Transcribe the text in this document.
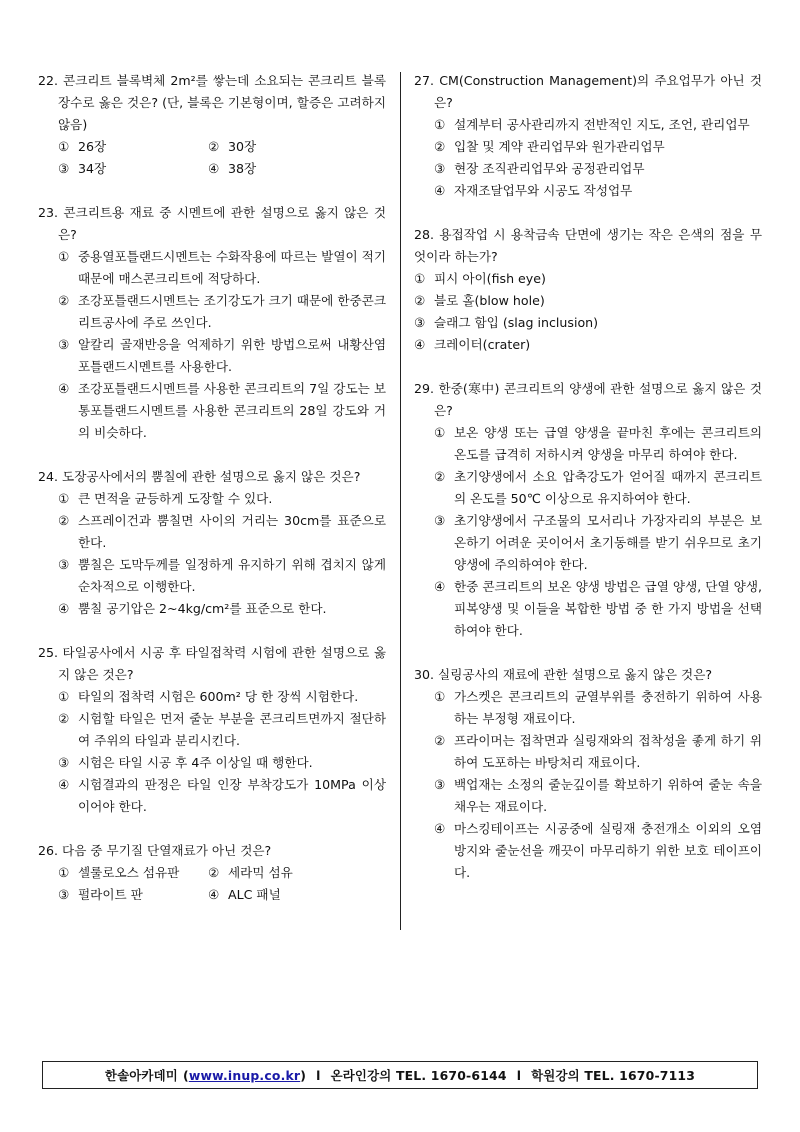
22. 콘크리트 블록벽체 2m²를 쌓는데 소요되는 콘크리트 블록 장수로 옳은 것은? (단, 블록은 기본형이며, 할증은 고려하지 않음)
① 26장	② 30장
③ 34장	④ 38장
23. 콘크리트용 재료 중 시멘트에 관한 설명으로 옳지 않은 것은?
① 중용열포틀랜드시멘트는 수화작용에 따르는 발열이 적기 때문에 매스콘크리트에 적당하다.
② 조강포틀랜드시멘트는 조기강도가 크기 때문에 한중콘크리트공사에 주로 쓰인다.
③ 알칼리 골재반응을 억제하기 위한 방법으로써 내황산염포틀랜드시멘트를 사용한다.
④ 조강포틀랜드시멘트를 사용한 콘크리트의 7일 강도는 보통포틀랜드시멘트를 사용한 콘크리트의 28일 강도와 거의 비슷하다.
24. 도장공사에서의 뿜칠에 관한 설명으로 옳지 않은 것은?
① 큰 면적을 균등하게 도장할 수 있다.
② 스프레이건과 뿜칠면 사이의 거리는 30cm를 표준으로 한다.
③ 뿜칠은 도막두께를 일정하게 유지하기 위해 겹치지 않게 순차적으로 이행한다.
④ 뿜칠 공기압은 2~4kg/cm²를 표준으로 한다.
25. 타일공사에서 시공 후 타일접착력 시험에 관한 설명으로 옳지 않은 것은?
① 타일의 접착력 시험은 600m² 당 한 장씩 시험한다.
② 시험할 타일은 먼저 줄눈 부분을 콘크리트면까지 절단하여 주위의 타일과 분리시킨다.
③ 시험은 타일 시공 후 4주 이상일 때 행한다.
④ 시험결과의 판정은 타일 인장 부착강도가 10MPa 이상이어야 한다.
26. 다음 중 무기질 단열재료가 아닌 것은?
① 셀룰로오스 섬유판	② 세라믹 섬유
③ 펄라이트 판	④ ALC 패널
27. CM(Construction Management)의 주요업무가 아닌 것은?
① 설계부터 공사관리까지 전반적인 지도, 조언, 관리업무
② 입찰 및 계약 관리업무와 원가관리업무
③ 현장 조직관리업무와 공정관리업무
④ 자재조달업무와 시공도 작성업무
28. 용접작업 시 용착금속 단면에 생기는 작은 은색의 점을 무엇이라 하는가?
① 피시 아이(fish eye)
② 블로 홀(blow hole)
③ 슬래그 함입 (slag inclusion)
④ 크레이터(crater)
29. 한중(寒中) 콘크리트의 양생에 관한 설명으로 옳지 않은 것은?
① 보온 양생 또는 급열 양생을 끝마친 후에는 콘크리트의 온도를 급격히 저하시켜 양생을 마무리 하여야 한다.
② 초기양생에서 소요 압축강도가 얻어질 때까지 콘크리트의 온도를 50℃ 이상으로 유지하여야 한다.
③ 초기양생에서 구조물의 모서리나 가장자리의 부분은 보온하기 어려운 곳이어서 초기동해를 받기 쉬우므로 초기양생에 주의하여야 한다.
④ 한중 콘크리트의 보온 양생 방법은 급열 양생, 단열 양생, 피복양생 및 이들을 복합한 방법 중 한 가지 방법을 선택하여야 한다.
30. 실링공사의 재료에 관한 설명으로 옳지 않은 것은?
① 가스켓은 콘크리트의 균열부위를 충전하기 위하여 사용하는 부정형 재료이다.
② 프라이머는 접착면과 실링재와의 접착성을 좋게 하기 위하여 도포하는 바탕처리 재료이다.
③ 백업재는 소정의 줄눈깊이를 확보하기 위하여 줄눈 속을 채우는 재료이다.
④ 마스킹테이프는 시공중에 실링재 충전개소 이외의 오염방지와 줄눈선을 깨끗이 마무리하기 위한 보호 테이프이다.
한솔아카데미 ( www.inup.co.kr ) l 온라인강의 TEL. 1670-6144 l 학원강의 TEL. 1670-7113
